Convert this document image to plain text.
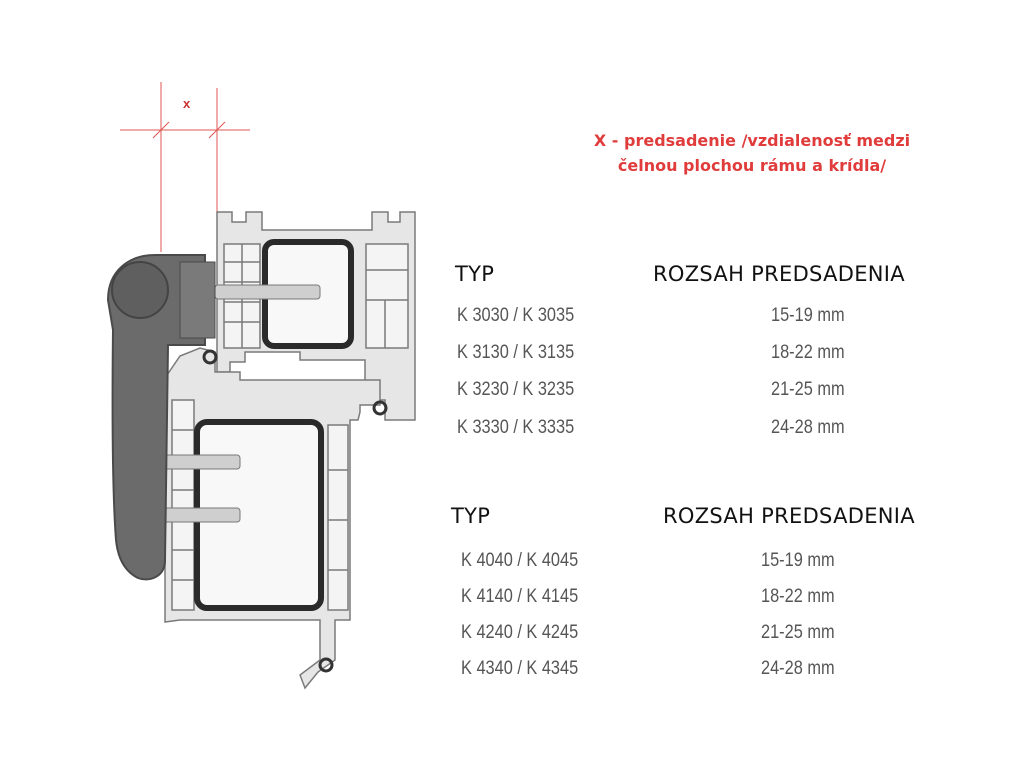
x
X - predsadenie /vzdialenosť medzi čelnou plochou rámu a krídla/
TYP	ROZSAH PREDSADENIA
K 3030 / K 3035	15-19 mm
K 3130 / K 3135	18-22 mm
K 3230 / K 3235	21-25 mm
K 3330 / K 3335	24-28 mm
TYP	ROZSAH PREDSADENIA
K 4040 / K 4045	15-19 mm
K 4140 / K 4145	18-22 mm
K 4240 / K 4245	21-25 mm
K 4340 / K 4345	24-28 mm
